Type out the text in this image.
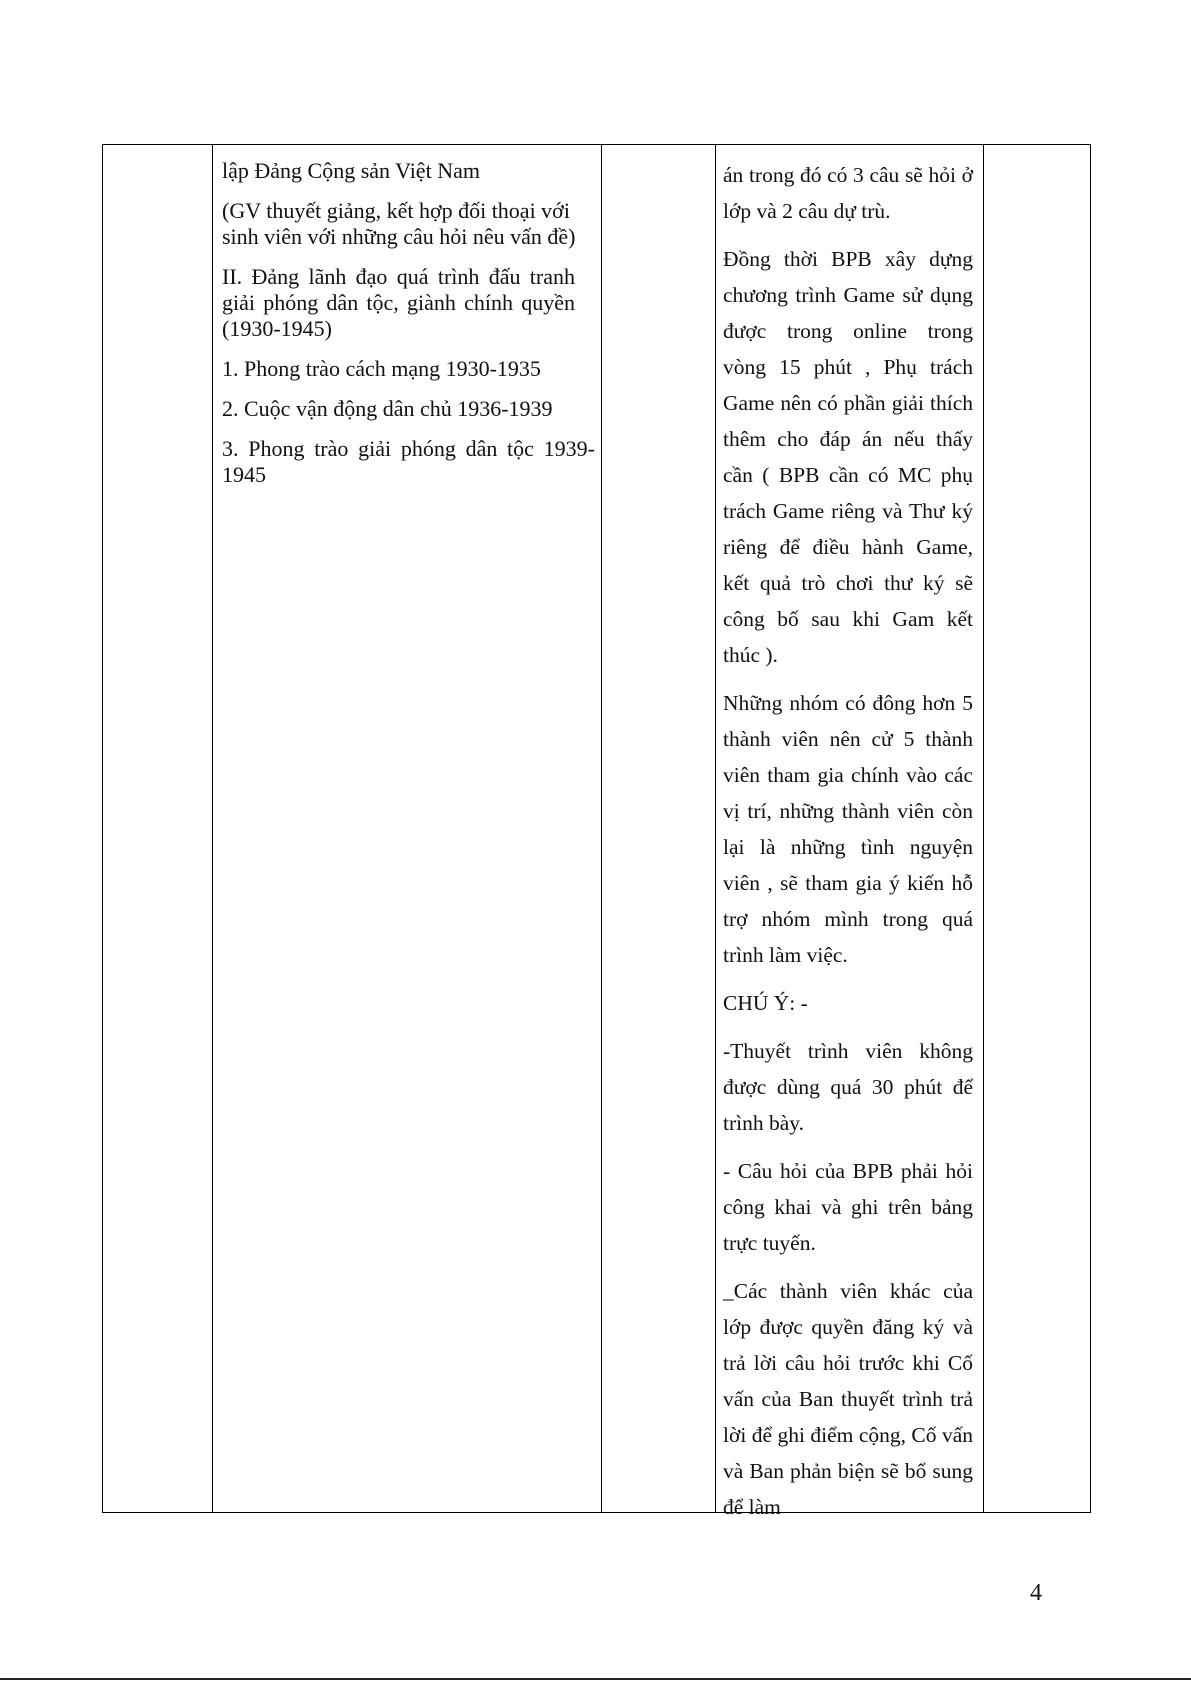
lập Đảng Cộng sản Việt Nam

(GV thuyết giảng, kết hợp đối thoại với sinh viên với những câu hỏi nêu vấn đề)

II. Đảng lãnh đạo quá trình đấu tranh giải phóng dân tộc, giành chính quyền (1930-1945)

1. Phong trào cách mạng 1930-1935

2. Cuộc vận động dân chủ 1936-1939

3. Phong trào giải phóng dân tộc 1939-1945

án trong đó có 3 câu sẽ hỏi ở lớp và 2 câu dự trù.

Đồng thời BPB xây dựng chương trình Game sử dụng được trong online trong vòng 15 phút , Phụ trách Game nên có phần giải thích thêm cho đáp án nếu thấy cần ( BPB cần có MC phụ trách Game riêng và Thư ký riêng để điều hành Game, kết quả trò chơi thư ký sẽ công bố sau khi Gam kết thúc ).

Những nhóm có đông hơn 5 thành viên nên cử 5 thành viên tham gia chính vào các vị trí, những thành viên còn lại là những tình nguyện viên , sẽ tham gia ý kiến hỗ trợ nhóm mình trong quá trình làm việc.

CHÚ Ý: -

-Thuyết trình viên không được dùng quá 30 phút để trình bày.

- Câu hỏi của BPB phải hỏi công khai và ghi trên bảng trực tuyến.

_Các thành viên khác của lớp được quyền đăng ký và trả lời câu hỏi trước khi Cố vấn của Ban thuyết trình trả lời để ghi điểm cộng, Cố vấn và Ban phản biện sẽ bổ sung để làm

4
